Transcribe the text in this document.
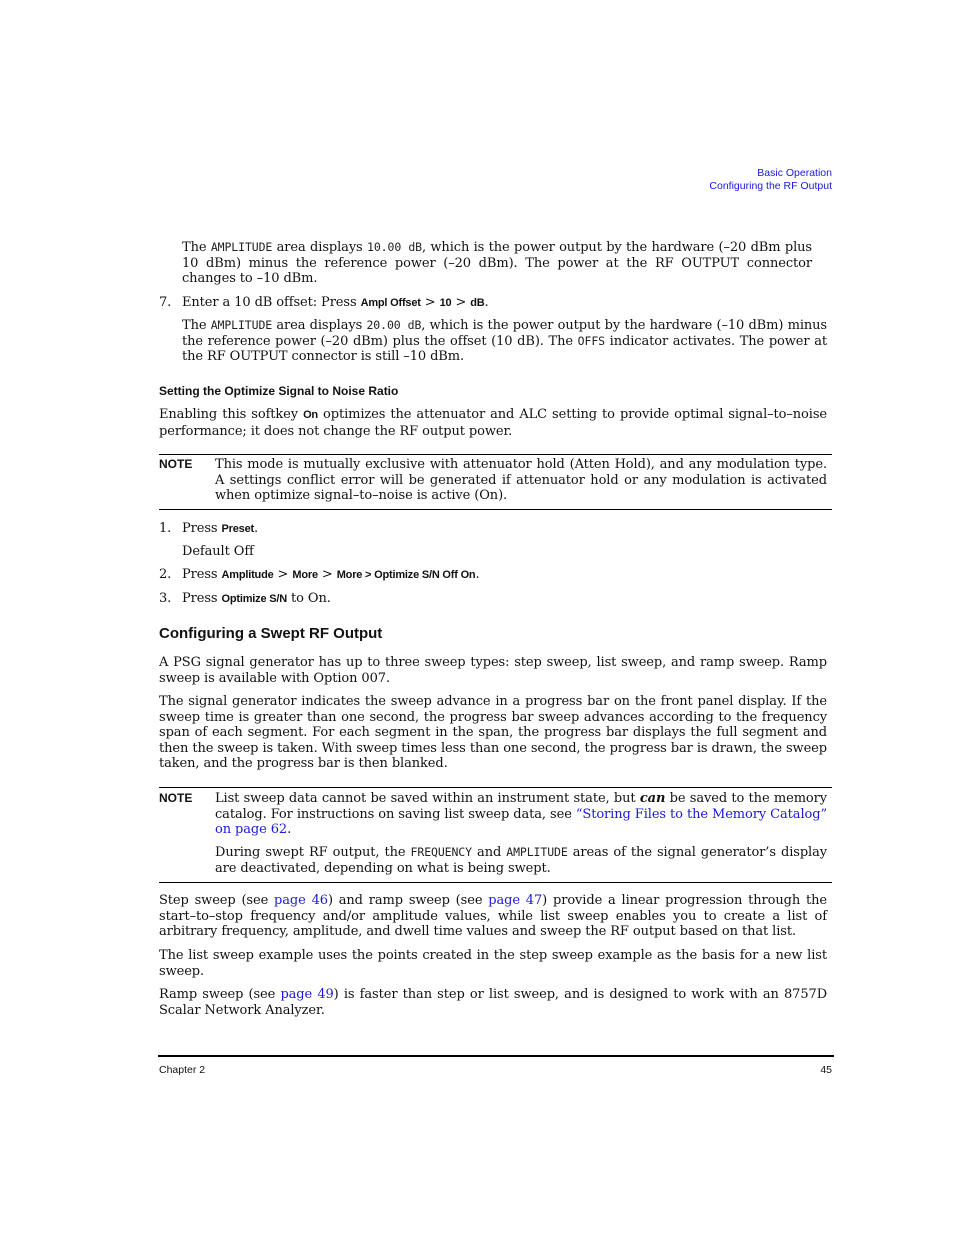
Basic Operation
Configuring the RF Output

The AMPLITUDE area displays 10.00 dB, which is the power output by the hardware (–20 dBm plus 10 dBm) minus the reference power (–20 dBm). The power at the RF OUTPUT connector changes to –10 dBm.

7. Enter a 10 dB offset: Press Ampl Offset > 10 > dB.

The AMPLITUDE area displays 20.00 dB, which is the power output by the hardware (–10 dBm) minus the reference power (–20 dBm) plus the offset (10 dB). The OFFS indicator activates. The power at the RF OUTPUT connector is still –10 dBm.

Setting the Optimize Signal to Noise Ratio

Enabling this softkey On optimizes the attenuator and ALC setting to provide optimal signal–to–noise performance; it does not change the RF output power.

NOTE This mode is mutually exclusive with attenuator hold (Atten Hold), and any modulation type. A settings conflict error will be generated if attenuator hold or any modulation is activated when optimize signal–to–noise is active (On).

1. Press Preset.

Default Off

2. Press Amplitude > More > More > Optimize S/N Off On.

3. Press Optimize S/N to On.

Configuring a Swept RF Output

A PSG signal generator has up to three sweep types: step sweep, list sweep, and ramp sweep. Ramp sweep is available with Option 007.

The signal generator indicates the sweep advance in a progress bar on the front panel display. If the sweep time is greater than one second, the progress bar sweep advances according to the frequency span of each segment. For each segment in the span, the progress bar displays the full segment and then the sweep is taken. With sweep times less than one second, the progress bar is drawn, the sweep taken, and the progress bar is then blanked.

NOTE List sweep data cannot be saved within an instrument state, but can be saved to the memory catalog. For instructions on saving list sweep data, see “Storing Files to the Memory Catalog” on page 62.

During swept RF output, the FREQUENCY and AMPLITUDE areas of the signal generator’s display are deactivated, depending on what is being swept.

Step sweep (see page 46) and ramp sweep (see page 47) provide a linear progression through the start–to–stop frequency and/or amplitude values, while list sweep enables you to create a list of arbitrary frequency, amplitude, and dwell time values and sweep the RF output based on that list.

The list sweep example uses the points created in the step sweep example as the basis for a new list sweep.

Ramp sweep (see page 49) is faster than step or list sweep, and is designed to work with an 8757D Scalar Network Analyzer.

Chapter 2	45
